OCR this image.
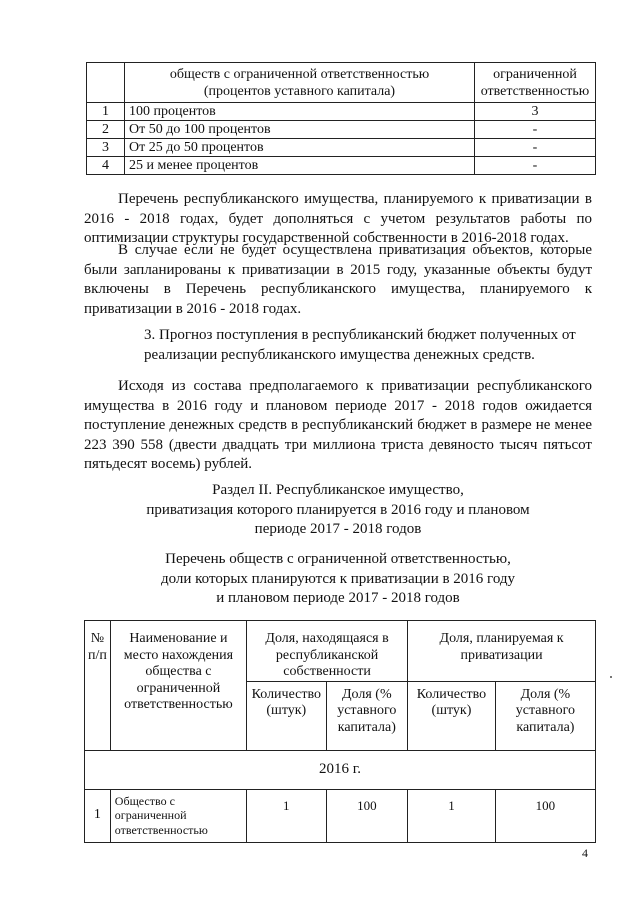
	обществ с ограниченной ответственностью (процентов уставного капитала)	ограниченной ответственностью
1	100 процентов	3
2	От 50 до 100 процентов	-
3	От 25 до 50 процентов	-
4	25 и менее процентов	-

Перечень республиканского имущества, планируемого к приватизации в 2016 - 2018 годах, будет дополняться с учетом результатов работы по оптимизации структуры государственной собственности в 2016-2018 годах.

В случае если не будет осуществлена приватизация объектов, которые были запланированы к приватизации в 2015 году, указанные объекты будут включены в Перечень республиканского имущества, планируемого к приватизации в 2016 - 2018 годах.

3. Прогноз поступления в республиканский бюджет полученных от
реализации республиканского имущества денежных средств.

Исходя из состава предполагаемого к приватизации республиканского имущества в 2016 году и плановом периоде 2017 - 2018 годов ожидается поступление денежных средств в республиканский бюджет в размере не менее 223 390 558 (двести двадцать три миллиона триста девяносто тысяч пятьсот пятьдесят восемь) рублей.

Раздел II. Республиканское имущество,
приватизация которого планируется в 2016 году и плановом
периоде 2017 - 2018 годов
Перечень обществ с ограниченной ответственностью,
доли которых планируются к приватизации в 2016 году
и плановом периоде 2017 - 2018 годов
№ п/п	Наименование и место нахождения общества с ограниченной ответственностью	Доля, находящаяся в республиканской собственности		Доля, планируемая к приватизации	
		Количество (штук)	Доля (% уставного капитала)	Количество (штук)	Доля (% уставного капитала)
2016 г.					
1	Общество с ограниченной ответственностью	1	100	1	100
4
